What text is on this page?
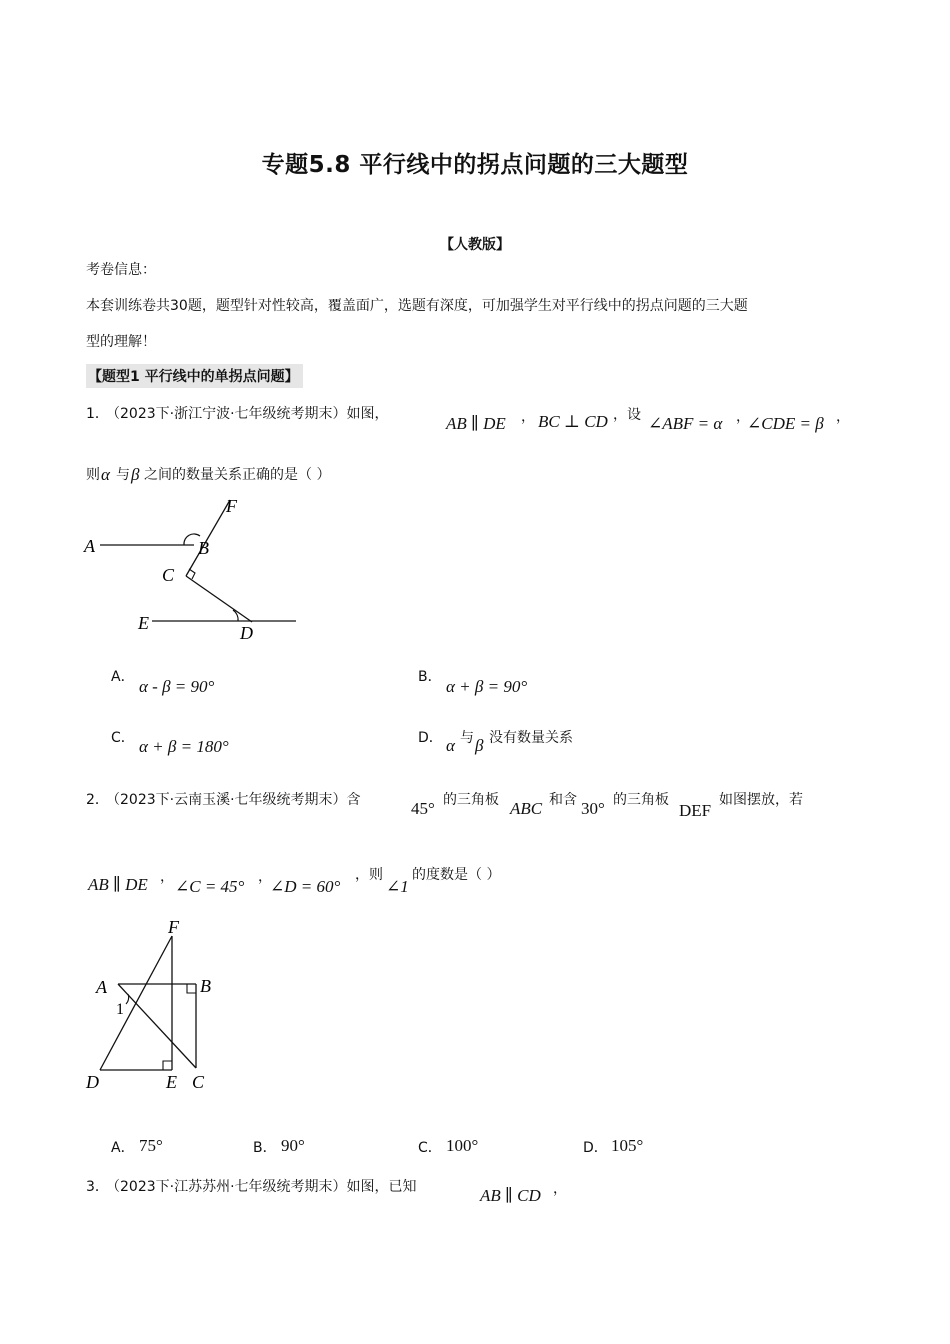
专题5.8 平行线中的拐点问题的三大题型
【人教版】
考卷信息：
本套训练卷共30题，题型针对性较高，覆盖面广，选题有深度，可加强学生对平行线中的拐点问题的三大题
型的理解！
【题型1 平行线中的单拐点问题】
1．
（2023下·浙江宁波·七年级统考期末）如图，	AB ∥ DE ， BC ⊥ CD ，设 ∠ABF = α ，
∠CDE = β ，
则 α 与 β 之间的数量关系正确的是（ ）
A	B
C
D
E
F
A． α - β = 90°	B． α + β = 90°
C． α + β = 180°	D． α 与 β 没有数量关系
2．
（2023下·云南玉溪·七年级统考期末）含	45° 的三角板 ABC 和含 30° 的三角板
DEF
如图摆放，若
AB ∥ DE ， ∠C = 45° ，
∠D = 60°
，则
∠1
的度数是（ ）
A	B
C
D	E
F
1
A． 75°	B． 90°	C． 100°	D． 105°
3．
（2023下·江苏苏州·七年级统考期末）如图，已知	AB ∥ CD ，
